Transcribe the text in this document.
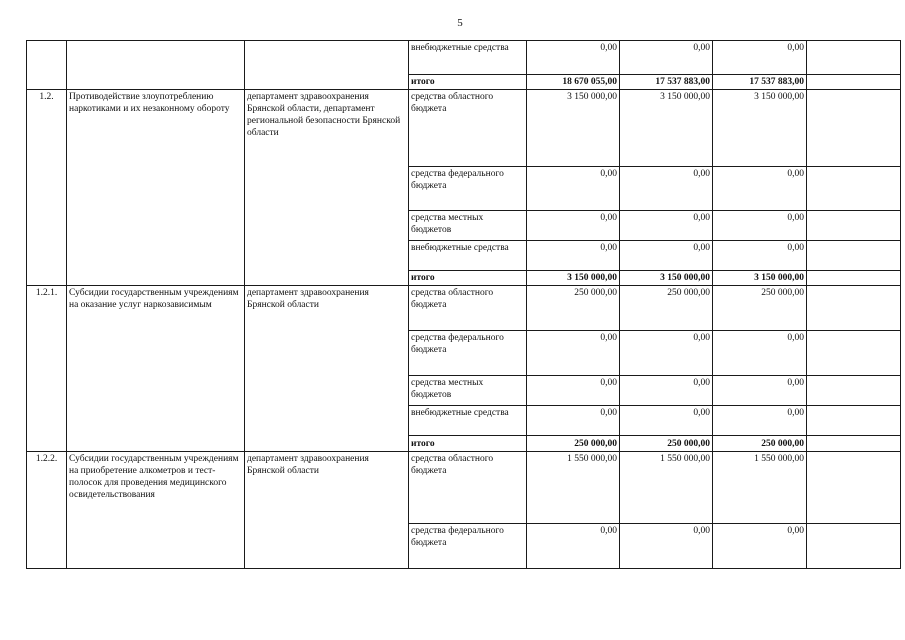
5
			внебюджетные средства	0,00	0,00	0,00	
			итого	18 670 055,00	17 537 883,00	17 537 883,00	
1.2.	Противодействие злоупотреблению наркотиками и их незаконному обороту	департамент здравоохранения Брянской области, департамент региональной безопасности Брянской области	средства областного бюджета	3 150 000,00	3 150 000,00	3 150 000,00	
			средства федерального бюджета	0,00	0,00	0,00	
			средства местных бюджетов	0,00	0,00	0,00	
			внебюджетные средства	0,00	0,00	0,00	
			итого	3 150 000,00	3 150 000,00	3 150 000,00	
1.2.1.	Субсидии государственным учреждениям на оказание услуг наркозависимым	департамент здравоохранения Брянской области	средства областного бюджета	250 000,00	250 000,00	250 000,00	
			средства федерального бюджета	0,00	0,00	0,00	
			средства местных бюджетов	0,00	0,00	0,00	
			внебюджетные средства	0,00	0,00	0,00	
			итого	250 000,00	250 000,00	250 000,00	
1.2.2.	Субсидии государственным учреждениям на приобретение алкометров и тест-полосок для проведения медицинского освидетельствования	департамент здравоохранения Брянской области	средства областного бюджета	1 550 000,00	1 550 000,00	1 550 000,00	
			средства федерального бюджета	0,00	0,00	0,00	
